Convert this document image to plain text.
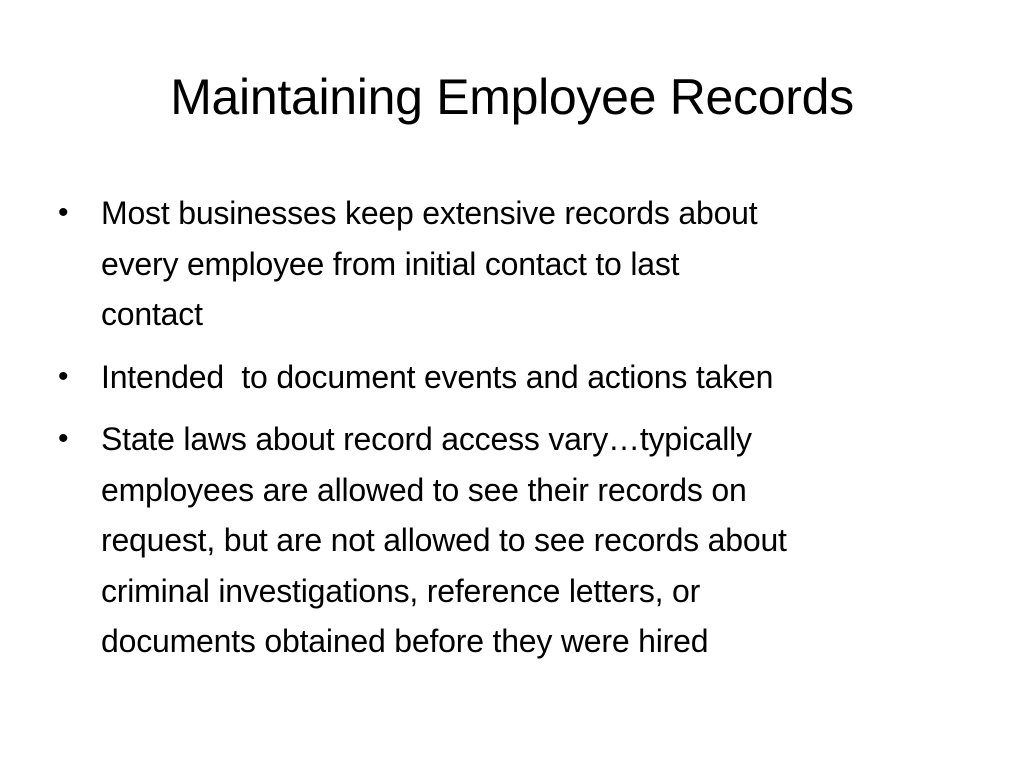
Maintaining Employee Records
• Most businesses keep extensive records about
every employee from initial contact to last
contact
• Intended  to document events and actions taken
• State laws about record access vary…typically
employees are allowed to see their records on
request, but are not allowed to see records about
criminal investigations, reference letters, or
documents obtained before they were hired
